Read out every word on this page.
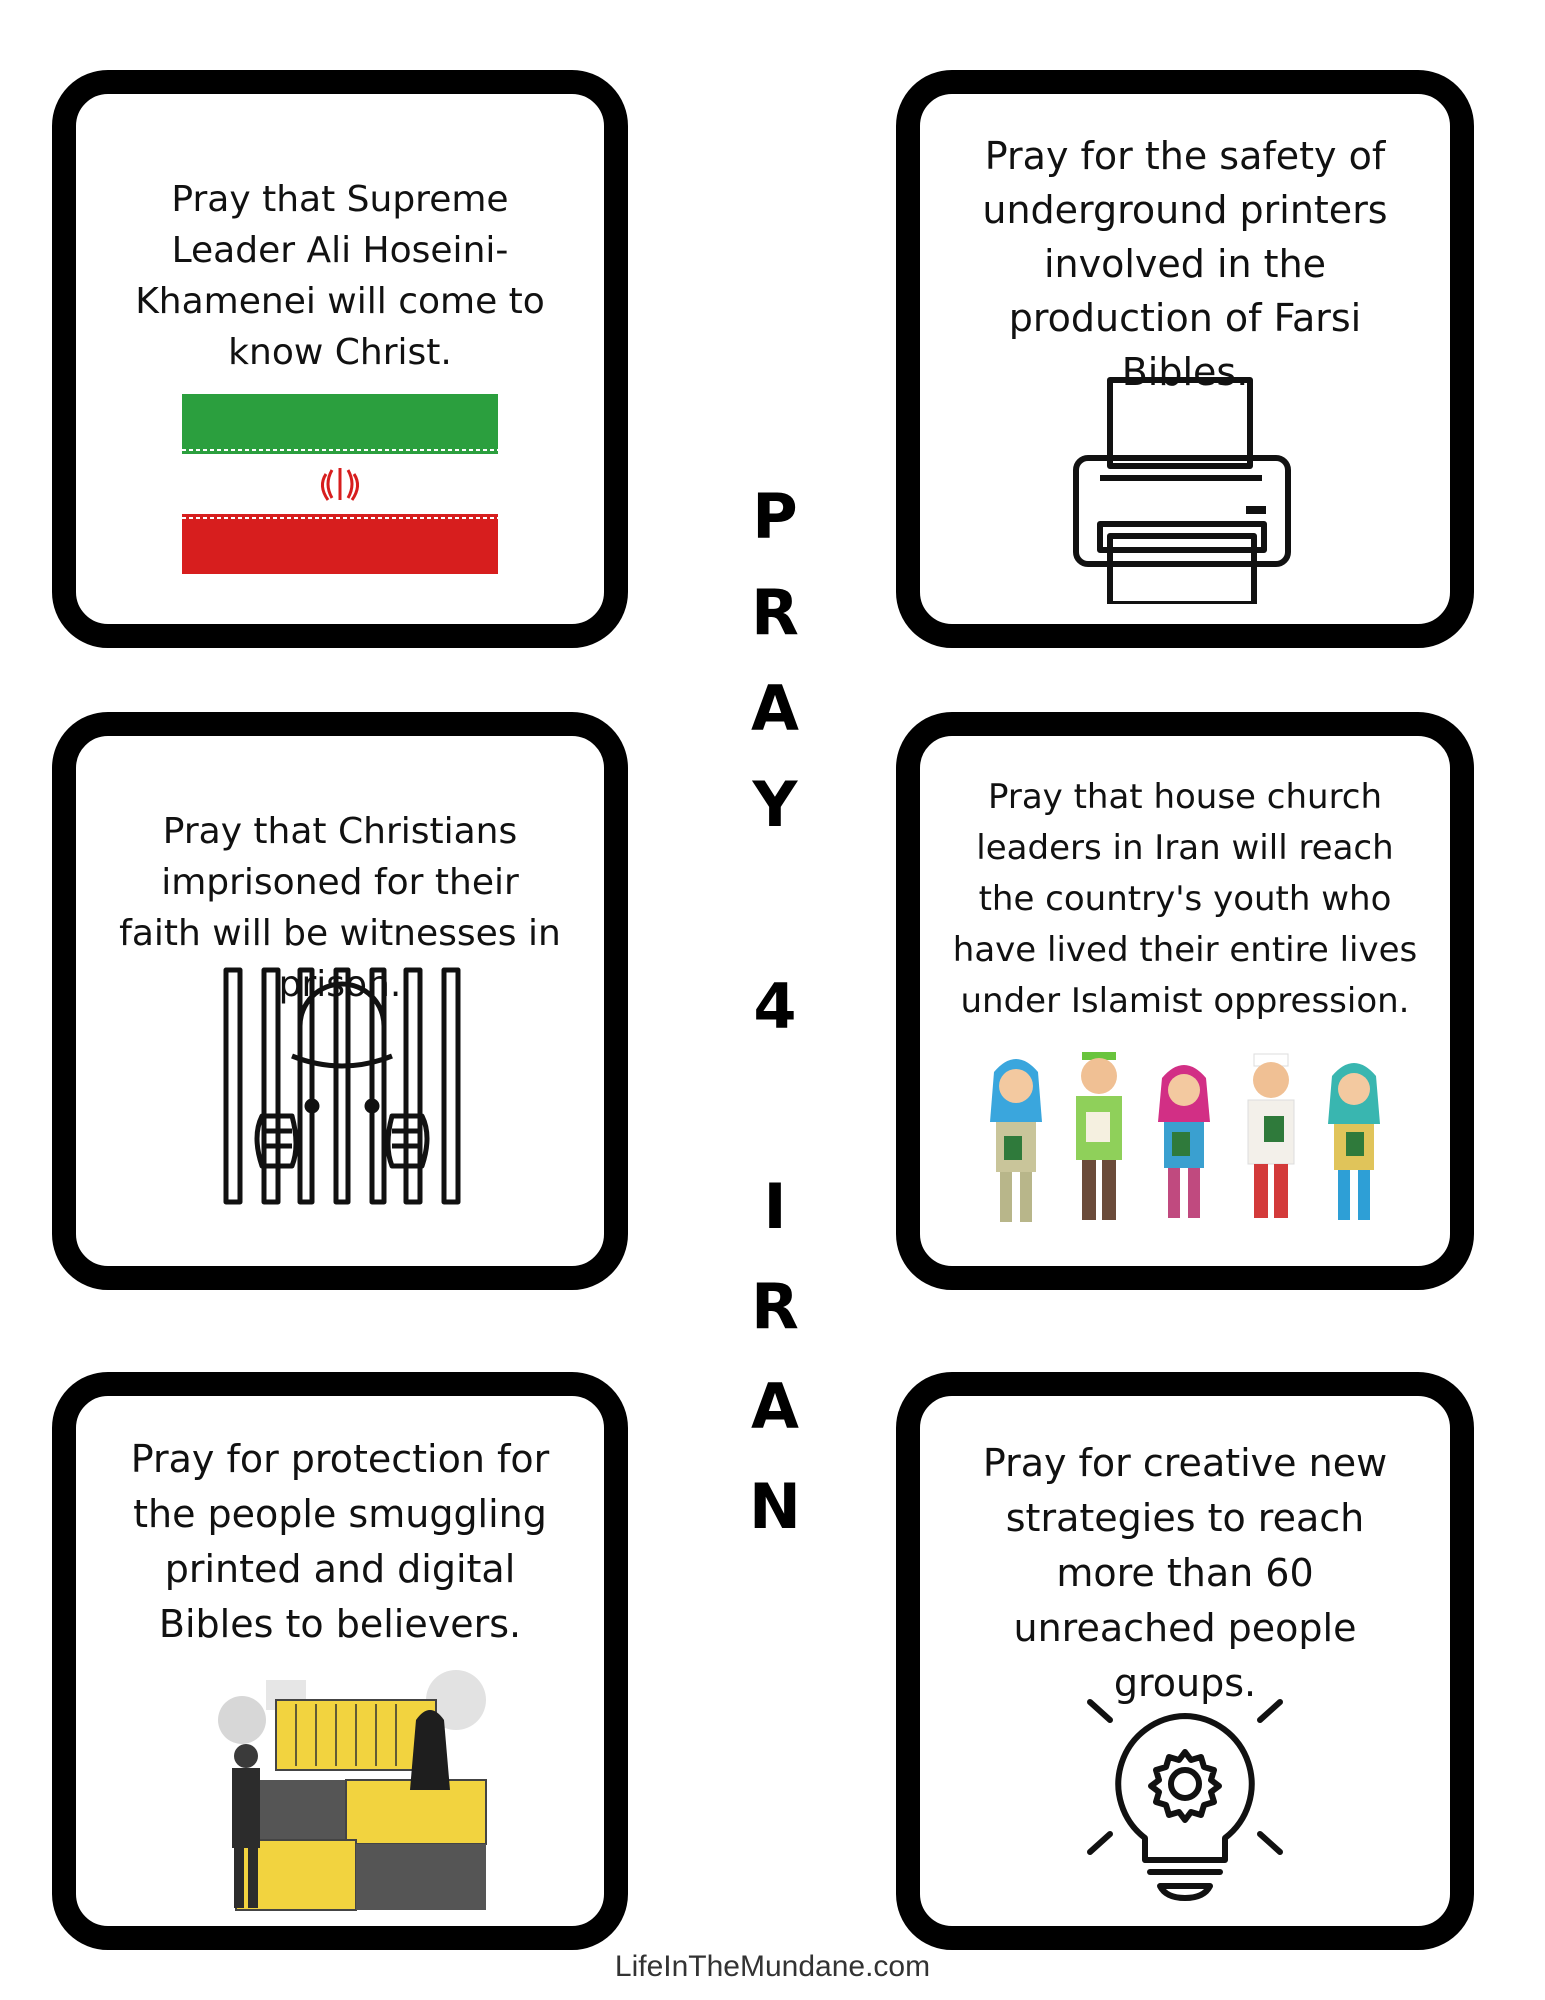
Pray that Supreme Leader Ali Hoseini-Khamenei will come to know Christ.
Pray for the safety of underground printers involved in the production of Farsi Bibles.
Pray that Christians imprisoned for their faith will be witnesses in prison.
Pray that house church leaders in Iran will reach the country's youth who have lived their entire lives under Islamist oppression.
Pray for protection for the people smuggling printed and digital Bibles to believers.
Pray for creative new strategies to reach more than 60 unreached people groups.
P
R
A
Y
4
I
R
A
N
LifeInTheMundane.com
